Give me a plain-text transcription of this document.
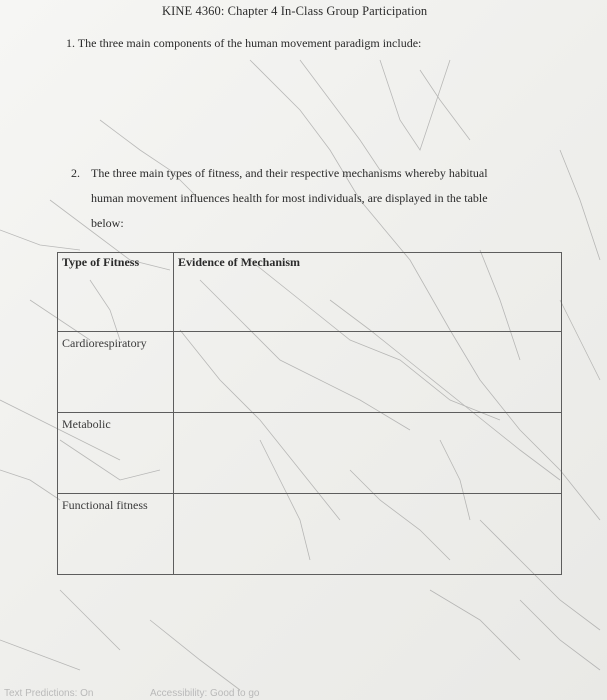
KINE 4360: Chapter 4 In-Class Group Participation
1. The three main components of the human movement paradigm include:
2. The three main types of fitness, and their respective mechanisms whereby habitual human movement influences health for most individuals, are displayed in the table below:
Type of Fitness	Evidence of Mechanism
Cardiorespiratory	
Metabolic	
Functional fitness	
Text Predictions: On	Accessibility: Good to go
